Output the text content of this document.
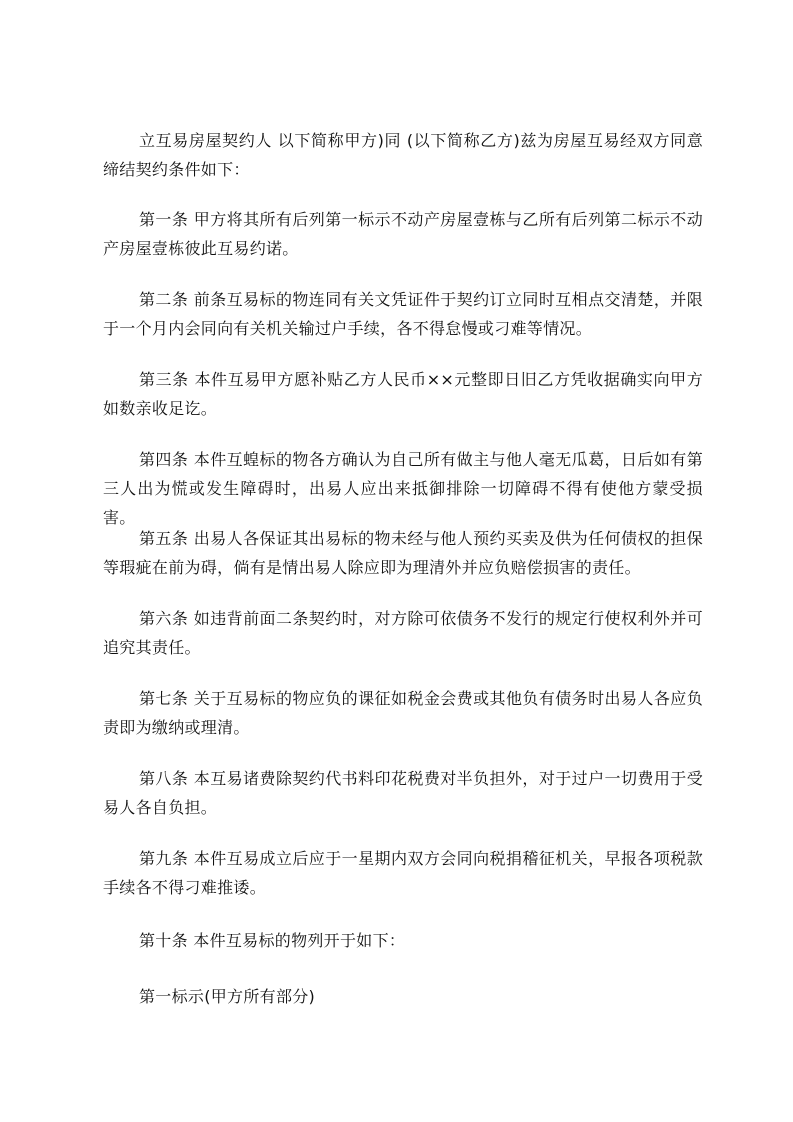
立互易房屋契约人 以下简称甲方)同 (以下简称乙方)兹为房屋互易经双方同意缔结契约条件如下：

第一条 甲方将其所有后列第一标示不动产房屋壹栋与乙所有后列第二标示不动产房屋壹栋彼此互易约诺。

第二条 前条互易标的物连同有关文凭证件于契约订立同时互相点交清楚，并限于一个月内会同向有关机关输过户手续，各不得怠慢或刁难等情况。

第三条 本件互易甲方愿补贴乙方人民币××元整即日旧乙方凭收据确实向甲方如数亲收足讫。

第四条 本件互蝗标的物各方确认为自己所有做主与他人毫无瓜葛，日后如有第三人出为慌或发生障碍时，出易人应出来抵御排除一切障碍不得有使他方蒙受损害。

第五条 出易人各保证其出易标的物未经与他人预约买卖及供为任何债权的担保等瑕疵在前为碍，倘有是情出易人除应即为理清外并应负赔偿损害的责任。

第六条 如违背前面二条契约时，对方除可依债务不发行的规定行使权利外并可追究其责任。

第七条 关于互易标的物应负的课征如税金会费或其他负有债务时出易人各应负责即为缴纳或理清。

第八条 本互易诸费除契约代书料印花税费对半负担外，对于过户一切费用于受易人各自负担。

第九条 本件互易成立后应于一星期内双方会同向税捐稽征机关，早报各项税款手续各不得刁难推诿。

第十条 本件互易标的物列开于如下：

第一标示(甲方所有部分)
